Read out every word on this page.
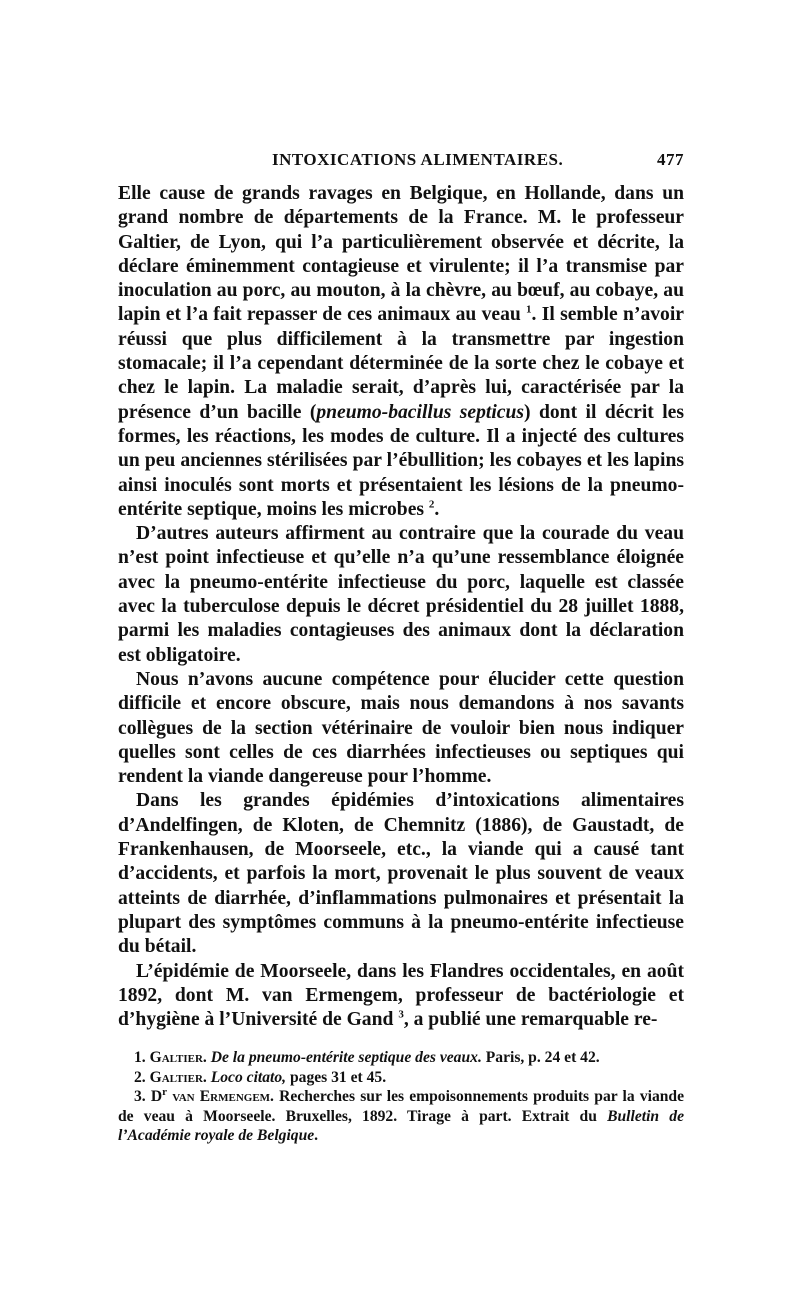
INTOXICATIONS ALIMENTAIRES.	477

Elle cause de grands ravages en Belgique, en Hollande, dans un grand nombre de départements de la France. M. le professeur Galtier, de Lyon, qui l’a particulièrement observée et décrite, la déclare éminemment contagieuse et virulente; il l’a transmise par inoculation au porc, au mouton, à la chèvre, au bœuf, au cobaye, au lapin et l’a fait repasser de ces animaux au veau $^1$. Il semble n’avoir réussi que plus difficilement à la transmettre par ingestion stomacale; il l’a cependant déterminée de la sorte chez le cobaye et chez le lapin. La maladie serait, d’après lui, caractérisée par la présence d’un bacille (pneumo-bacillus septicus) dont il décrit les formes, les réactions, les modes de culture. Il a injecté des cultures un peu anciennes stérilisées par l’ébullition; les cobayes et les lapins ainsi inoculés sont morts et présentaient les lésions de la pneumo-entérite septique, moins les microbes $^2$.

D’autres auteurs affirment au contraire que la courade du veau n’est point infectieuse et qu’elle n’a qu’une ressemblance éloignée avec la pneumo-entérite infectieuse du porc, laquelle est classée avec la tuberculose depuis le décret présidentiel du 28 juillet 1888, parmi les maladies contagieuses des animaux dont la déclaration est obligatoire.

Nous n’avons aucune compétence pour élucider cette question difficile et encore obscure, mais nous demandons à nos savants collègues de la section vétérinaire de vouloir bien nous indiquer quelles sont celles de ces diarrhées infectieuses ou septiques qui rendent la viande dangereuse pour l’homme.

Dans les grandes épidémies d’intoxications alimentaires d’Andelfingen, de Kloten, de Chemnitz (1886), de Gaustadt, de Frankenhausen, de Moorseele, etc., la viande qui a causé tant d’accidents, et parfois la mort, provenait le plus souvent de veaux atteints de diarrhée, d’inflammations pulmonaires et présentait la plupart des symptômes communs à la pneumo-entérite infectieuse du bétail.

L’épidémie de Moorseele, dans les Flandres occidentales, en août 1892, dont M. van Ermengem, professeur de bactériologie et d’hygiène à l’Université de Gand $^3$, a publié une remarquable re-

1. Galtier. De la pneumo-entérite septique des veaux. Paris, p. 24 et 42.

2. Galtier. Loco citato, pages 31 et 45.

3. $D^r$ van Ermengem. Recherches sur les empoisonnements produits par la viande de veau à Moorseele. Bruxelles, 1892. Tirage à part. Extrait du Bulletin de l’Académie royale de Belgique.
